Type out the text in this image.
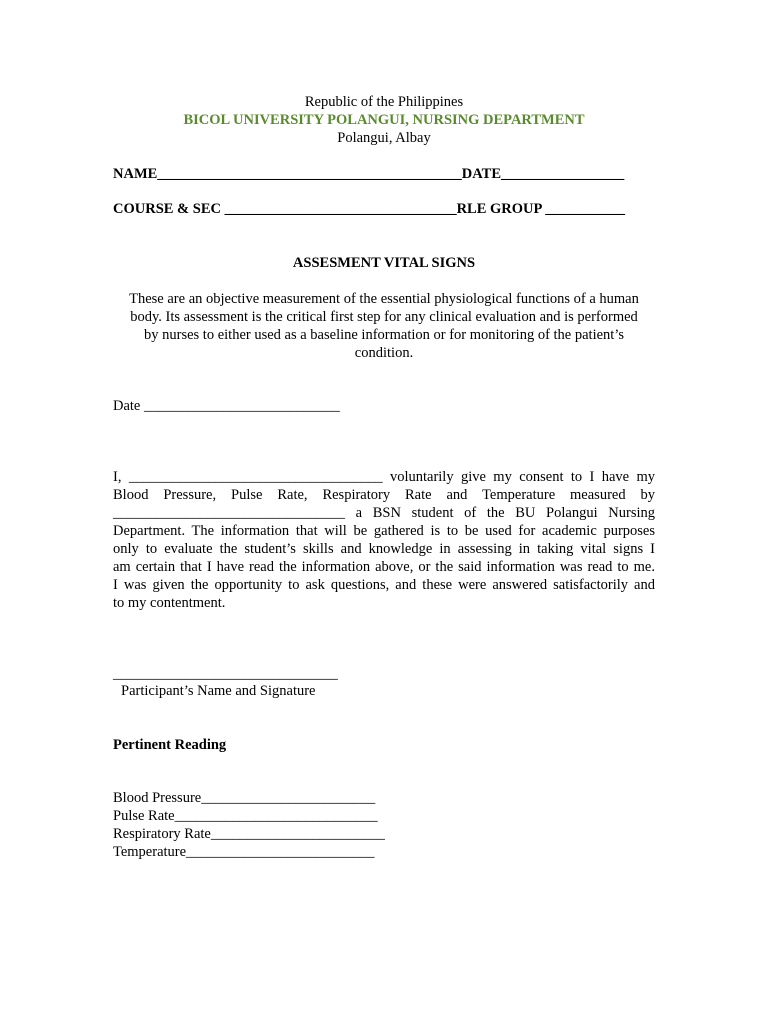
Republic of the Philippines
BICOL UNIVERSITY POLANGUI, NURSING DEPARTMENT
Polangui, Albay
NAME__________________________________________DATE_________________
COURSE & SEC ________________________________RLE GROUP ___________
ASSESMENT VITAL SIGNS
These are an objective measurement of the essential physiological functions of a human
body. Its assessment is the critical first step for any clinical evaluation and is performed
by nurses to either used as a baseline information or for monitoring of the patient’s
condition.
Date ___________________________
I, ___________________________________ voluntarily give my consent to I have my
Blood Pressure, Pulse Rate, Respiratory Rate and Temperature measured by
________________________________ a BSN student of the BU Polangui Nursing
Department. The information that will be gathered is to be used for academic purposes
only to evaluate the student’s skills and knowledge in assessing in taking vital signs I
am certain that I have read the information above, or the said information was read to me.
I was given the opportunity to ask questions, and these were answered satisfactorily and
to my contentment.
_______________________________
Participant’s Name and Signature
Pertinent Reading
Blood Pressure________________________
Pulse Rate____________________________
Respiratory Rate________________________
Temperature__________________________
